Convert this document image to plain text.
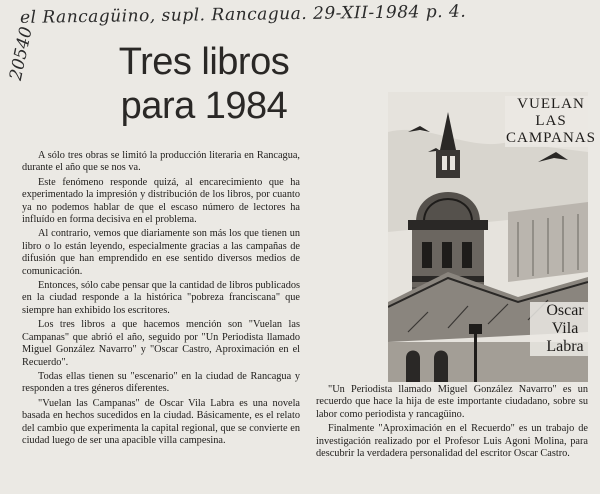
el Rancagüino, supl. Rancagua. 29-XII-1984 p. 4.
20540	Tres libros
para 1984

A sólo tres obras se limitó la producción literaria en Rancagua, durante el año que se nos va.

Este fenómeno responde quizá, al encarecimiento que ha experimentado la impresión y distribución de los libros, por cuanto ya no podemos hablar de que el escaso número de lectores ha influído en forma decisiva en el problema.

Al contrario, vemos que diariamente son más los que tienen un libro o lo están leyendo, especialmente gracias a las campañas de difusión que han emprendido en ese sentido diversos medios de comunicación.

Entonces, sólo cabe pensar que la cantidad de libros publicados en la ciudad responde a la histórica "pobreza franciscana" que siempre han exhibido los escritores.

Los tres libros a que hacemos mención son "Vuelan las Campanas" que abrió el año, seguido por "Un Periodista llamado Miguel González Navarro" y "Oscar Castro, Aproximación en el Recuerdo".

Todas ellas tienen su "escenario" en la ciudad de Rancagua y responden a tres géneros diferentes.

"Vuelan las Campanas" de Oscar Vila Labra es una novela basada en hechos sucedidos en la ciudad. Básicamente, es el relato del cambio que experimenta la capital regional, que se convierte en ciudad luego de ser una apacible villa campesina.

VUELAN
LAS
CAMPANAS
Oscar
Vila
Labra

"Un Periodista llamado Miguel González Navarro" es un recuerdo que hace la hija de este importante ciudadano, sobre su labor como periodista y rancagüino.

Finalmente "Aproximación en el Recuerdo" es un trabajo de investigación realizado por el Profesor Luis Agoni Molina, para descubrir la verdadera personalidad del escritor Oscar Castro.
